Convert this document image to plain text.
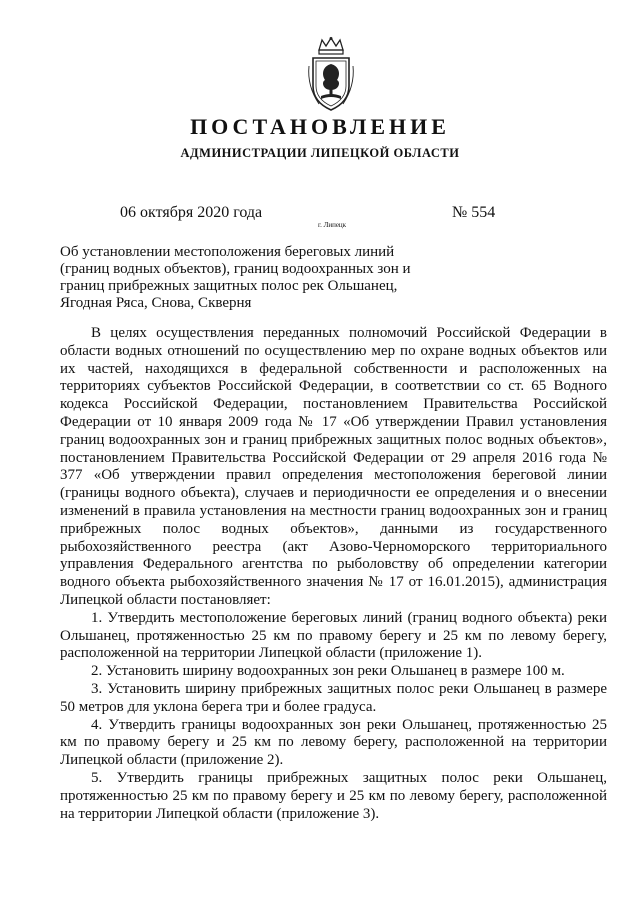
ПОСТАНОВЛЕНИЕ
АДМИНИСТРАЦИИ ЛИПЕЦКОЙ ОБЛАСТИ
06 октября 2020 года
г. Липецк
№ 554

Об установлении местоположения береговых линий (границ водных объектов), границ водоохранных зон и границ прибрежных защитных полос рек Ольшанец, Ягодная Ряса, Снова, Скверня

В целях осуществления переданных полномочий Российской Федерации в области водных отношений по осуществлению мер по охране водных объектов или их частей, находящихся в федеральной собственности и расположенных на территориях субъектов Российской Федерации, в соответствии со ст. 65 Водного кодекса Российской Федерации, постановлением Правительства Российской Федерации от 10 января 2009 года № 17 «Об утверждении Правил установления границ водоохранных зон и границ прибрежных защитных полос водных объектов», постановлением Правительства Российской Федерации от 29 апреля 2016 года № 377 «Об утверждении правил определения местоположения береговой линии (границы водного объекта), случаев и периодичности ее определения и о внесении изменений в правила установления на местности границ водоохранных зон и границ прибрежных полос водных объектов», данными из государственного рыбохозяйственного реестра (акт Азово-Черноморского территориального управления Федерального агентства по рыболовству об определении категории водного объекта рыбохозяйственного значения № 17 от 16.01.2015), администрация Липецкой области постановляет:

1. Утвердить местоположение береговых линий (границ водного объекта) реки Ольшанец, протяженностью 25 км по правому берегу и 25 км по левому берегу, расположенной на территории Липецкой области (приложение 1).

2. Установить ширину водоохранных зон реки Ольшанец в размере 100 м.

3. Установить ширину прибрежных защитных полос реки Ольшанец в размере 50 метров для уклона берега три и более градуса.

4. Утвердить границы водоохранных зон реки Ольшанец, протяженностью 25 км по правому берегу и 25 км по левому берегу, расположенной на территории Липецкой области (приложение 2).

5. Утвердить границы прибрежных защитных полос реки Ольшанец, протяженностью 25 км по правому берегу и 25 км по левому берегу, расположенной на территории Липецкой области (приложение 3).
